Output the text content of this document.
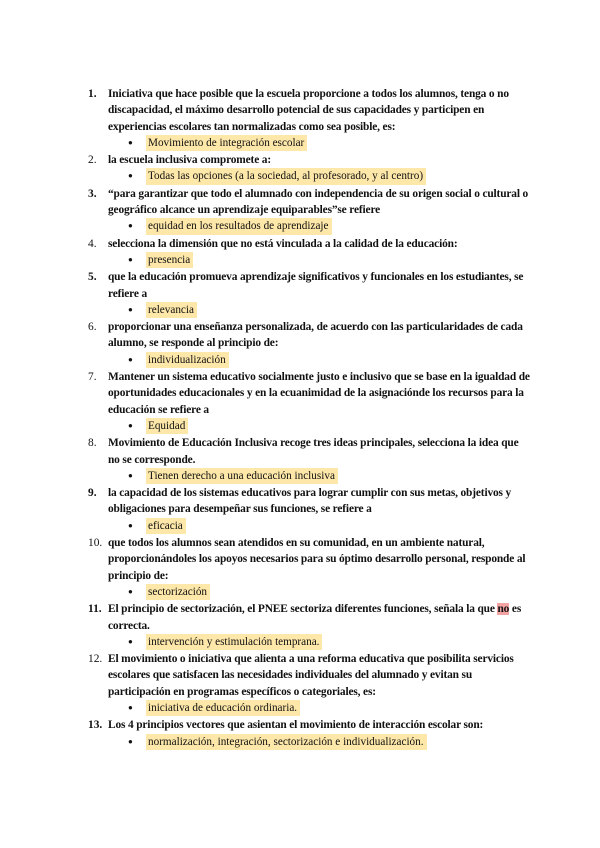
1.	Iniciativa que hace posible que la escuela proporcione a todos los alumnos, tenga o no discapacidad, el máximo desarrollo potencial de sus capacidades y participen en experiencias escolares tan normalizadas como sea posible, es:
●	Movimiento de integración escolar
2.	la escuela inclusiva compromete a:
●	Todas las opciones (a la sociedad, al profesorado, y al centro)
3.	“para garantizar que todo el alumnado con independencia de su origen social o cultural o geográfico alcance un aprendizaje equiparables”se refiere
●	equidad en los resultados de aprendizaje
4.	selecciona la dimensión que no está vinculada a la calidad de la educación:
●	presencia
5.	que la educación promueva aprendizaje significativos y funcionales en los estudiantes, se refiere a
●	relevancia
6.	proporcionar una enseñanza personalizada, de acuerdo con las particularidades de cada alumno, se responde al principio de:
●	individualización
7.	Mantener un sistema educativo socialmente justo e inclusivo que se base en la igualdad de oportunidades educacionales y en la ecuanimidad de la asignaciónde los recursos para la educación se refiere a
●	Equidad
8.	Movimiento de Educación Inclusiva recoge tres ideas principales, selecciona la idea que no se corresponde.
●	Tienen derecho a una educación inclusiva
9.	la capacidad de los sistemas educativos para lograr cumplir con sus metas, objetivos y obligaciones para desempeñar sus funciones, se refiere a
●	eficacia
10. que todos los alumnos sean atendidos en su comunidad, en un ambiente natural, proporcionándoles los apoyos necesarios para su óptimo desarrollo personal, responde al principio de:
●	sectorización
11. El principio de sectorización, el PNEE sectoriza diferentes funciones, señala la que no es correcta.
●	intervención y estimulación temprana.
12. El movimiento o iniciativa que alienta a una reforma educativa que posibilita servicios escolares que satisfacen las necesidades individuales del alumnado y evitan su participación en programas específicos o categoriales, es:
●	iniciativa de educación ordinaria.
13. Los 4 principios vectores que asientan el movimiento de interacción escolar son:
●	normalización, integración, sectorización e individualización.
